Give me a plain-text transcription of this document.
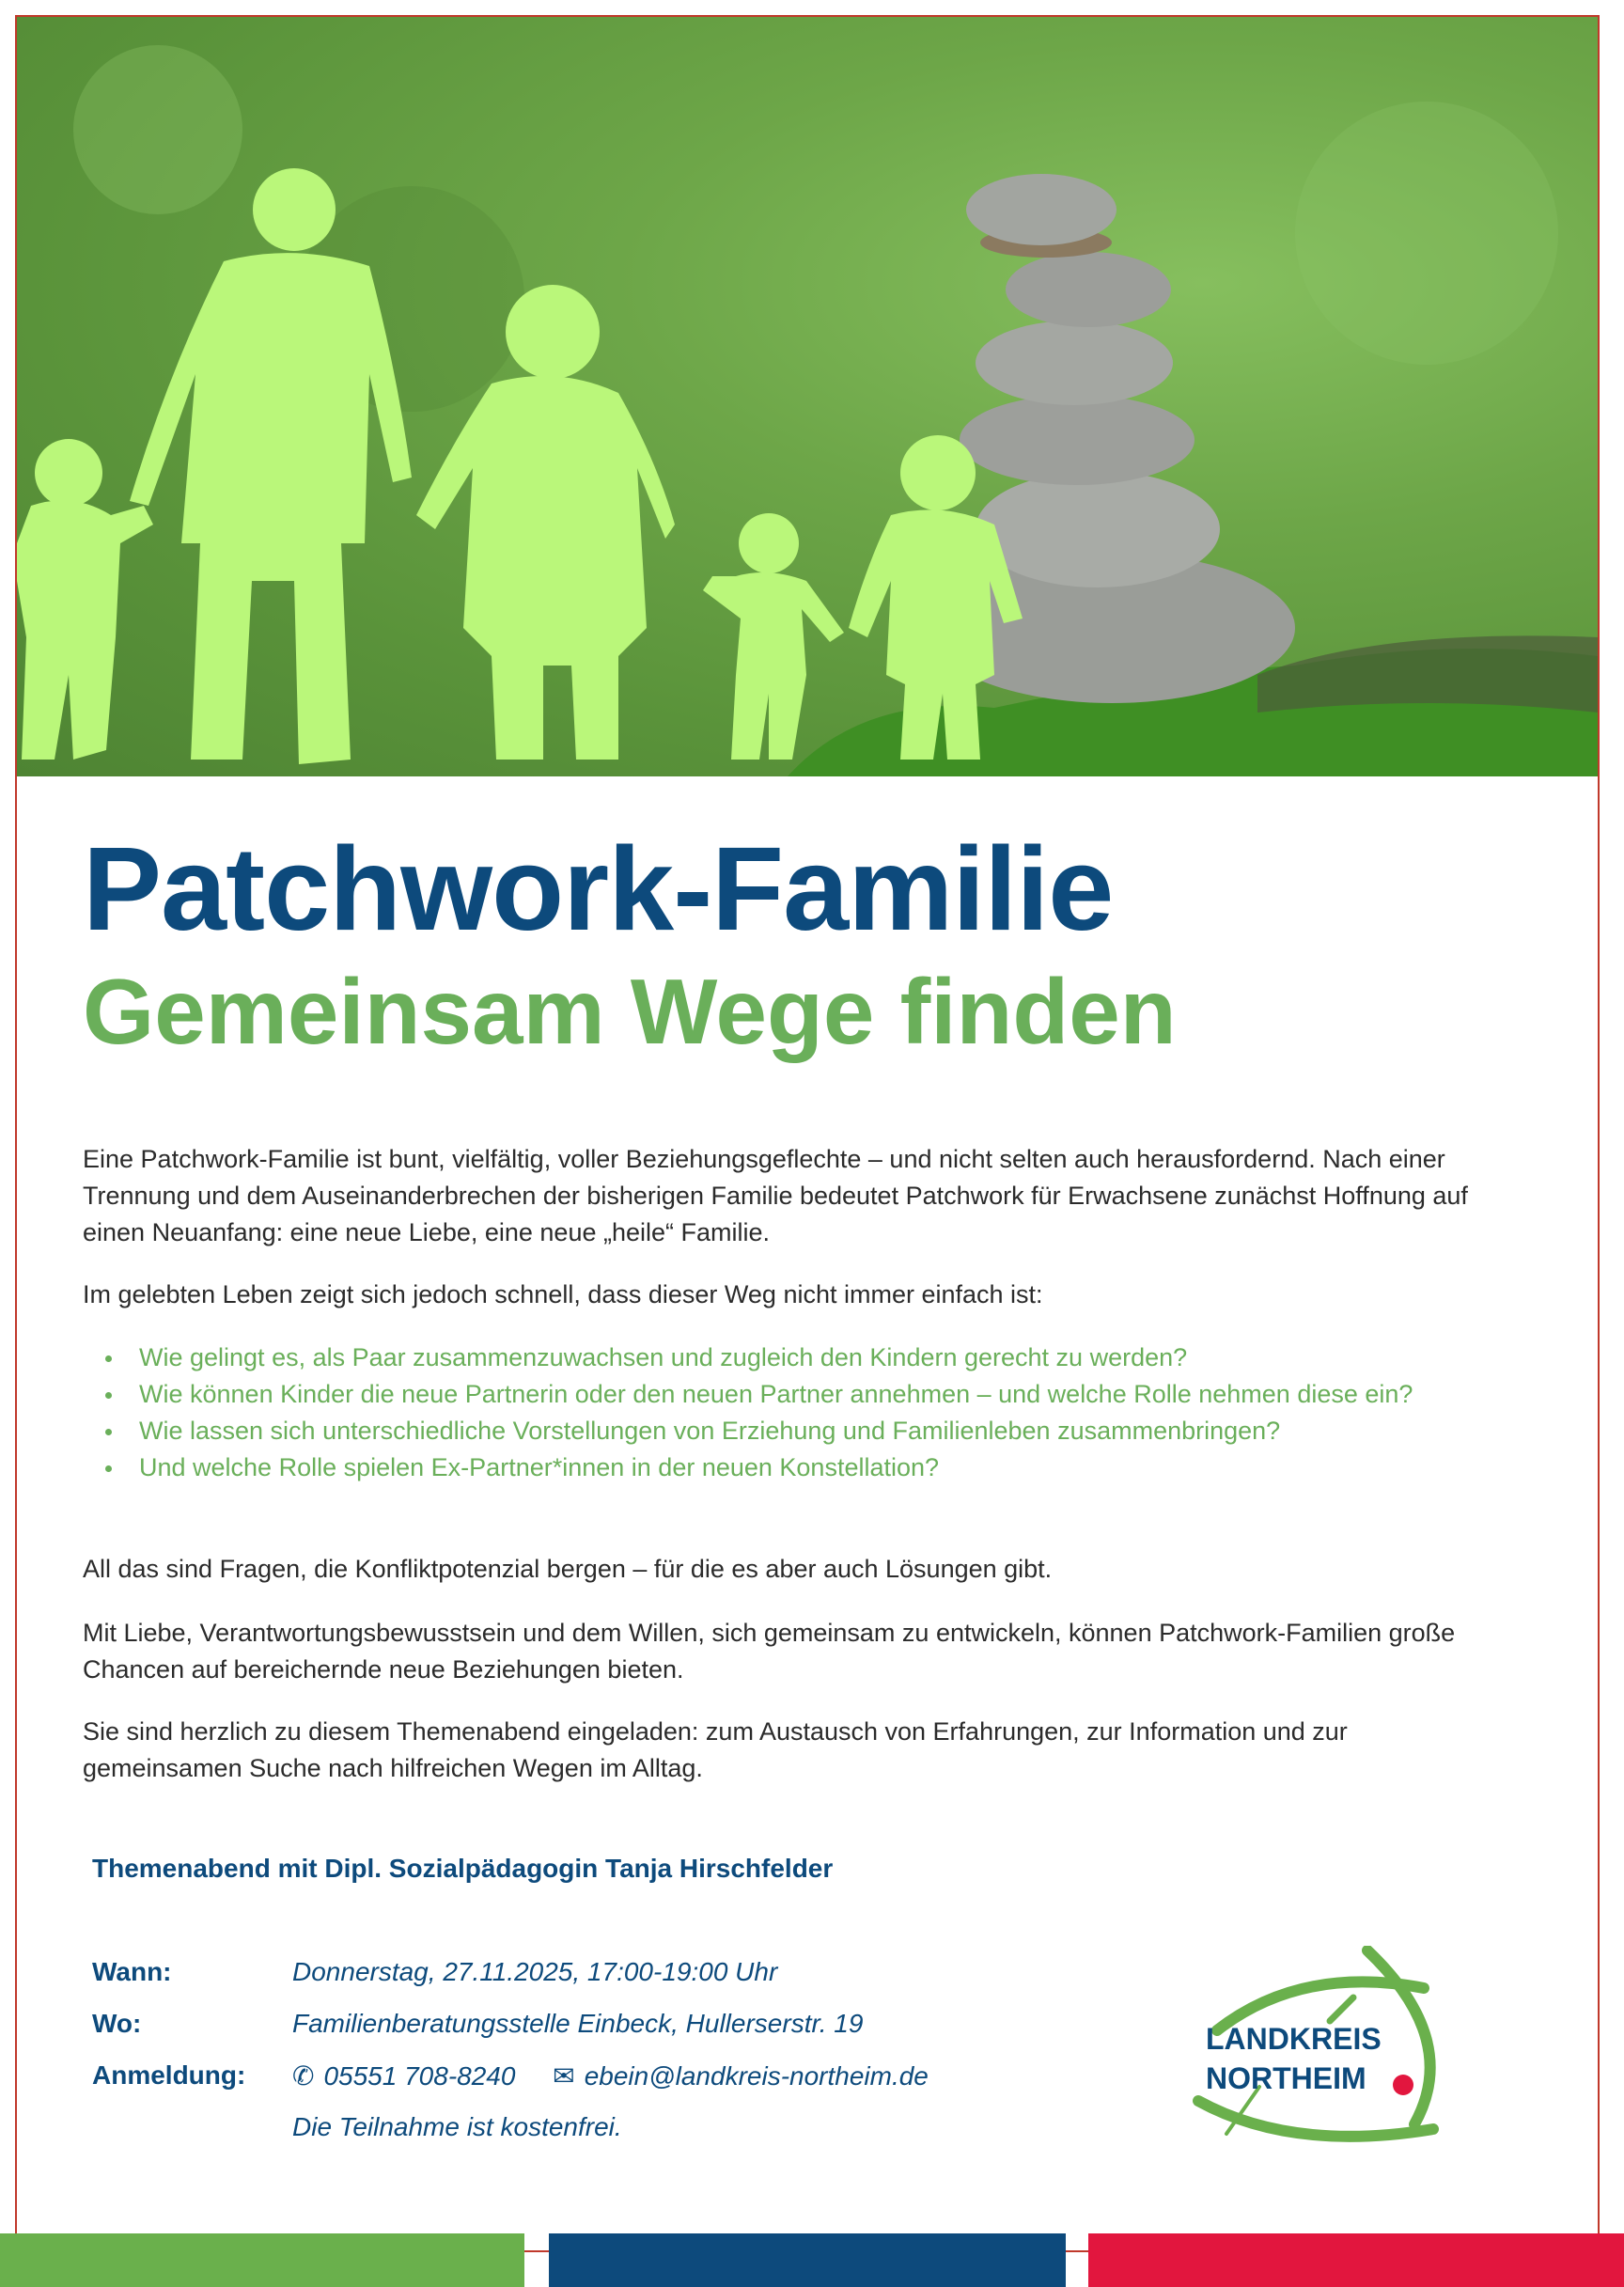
Patchwork-Familie
Gemeinsam Wege finden

Eine Patchwork-Familie ist bunt, vielfältig, voller Beziehungsgeflechte – und nicht selten auch herausfordernd. Nach einer Trennung und dem Auseinanderbrechen der bisherigen Familie bedeutet Patchwork für Erwachsene zunächst Hoffnung auf einen Neuanfang: eine neue Liebe, eine neue „heile“ Familie.

Im gelebten Leben zeigt sich jedoch schnell, dass dieser Weg nicht immer einfach ist:

Wie gelingt es, als Paar zusammenzuwachsen und zugleich den Kindern gerecht zu werden?
Wie können Kinder die neue Partnerin oder den neuen Partner annehmen – und welche Rolle nehmen diese ein?
Wie lassen sich unterschiedliche Vorstellungen von Erziehung und Familienleben zusammenbringen?
Und welche Rolle spielen Ex-Partner*innen in der neuen Konstellation?

All das sind Fragen, die Konfliktpotenzial bergen – für die es aber auch Lösungen gibt.

Mit Liebe, Verantwortungsbewusstsein und dem Willen, sich gemeinsam zu entwickeln, können Patchwork-Familien große Chancen auf bereichernde neue Beziehungen bieten.

Sie sind herzlich zu diesem Themenabend eingeladen: zum Austausch von Erfahrungen, zur Information und zur gemeinsamen Suche nach hilfreichen Wegen im Alltag.

Themenabend mit Dipl. Sozialpädagogin Tanja Hirschfelder
Wann:	Donnerstag, 27.11.2025, 17:00-19:00 Uhr
Wo:	Familienberatungsstelle Einbeck, Hullerserstr. 19
Anmeldung: ✆ 05551 708-8240 ✉ ebein@landkreis-northeim.de
Die Teilnahme ist kostenfrei.
LANDKREIS
NORTHEIM
